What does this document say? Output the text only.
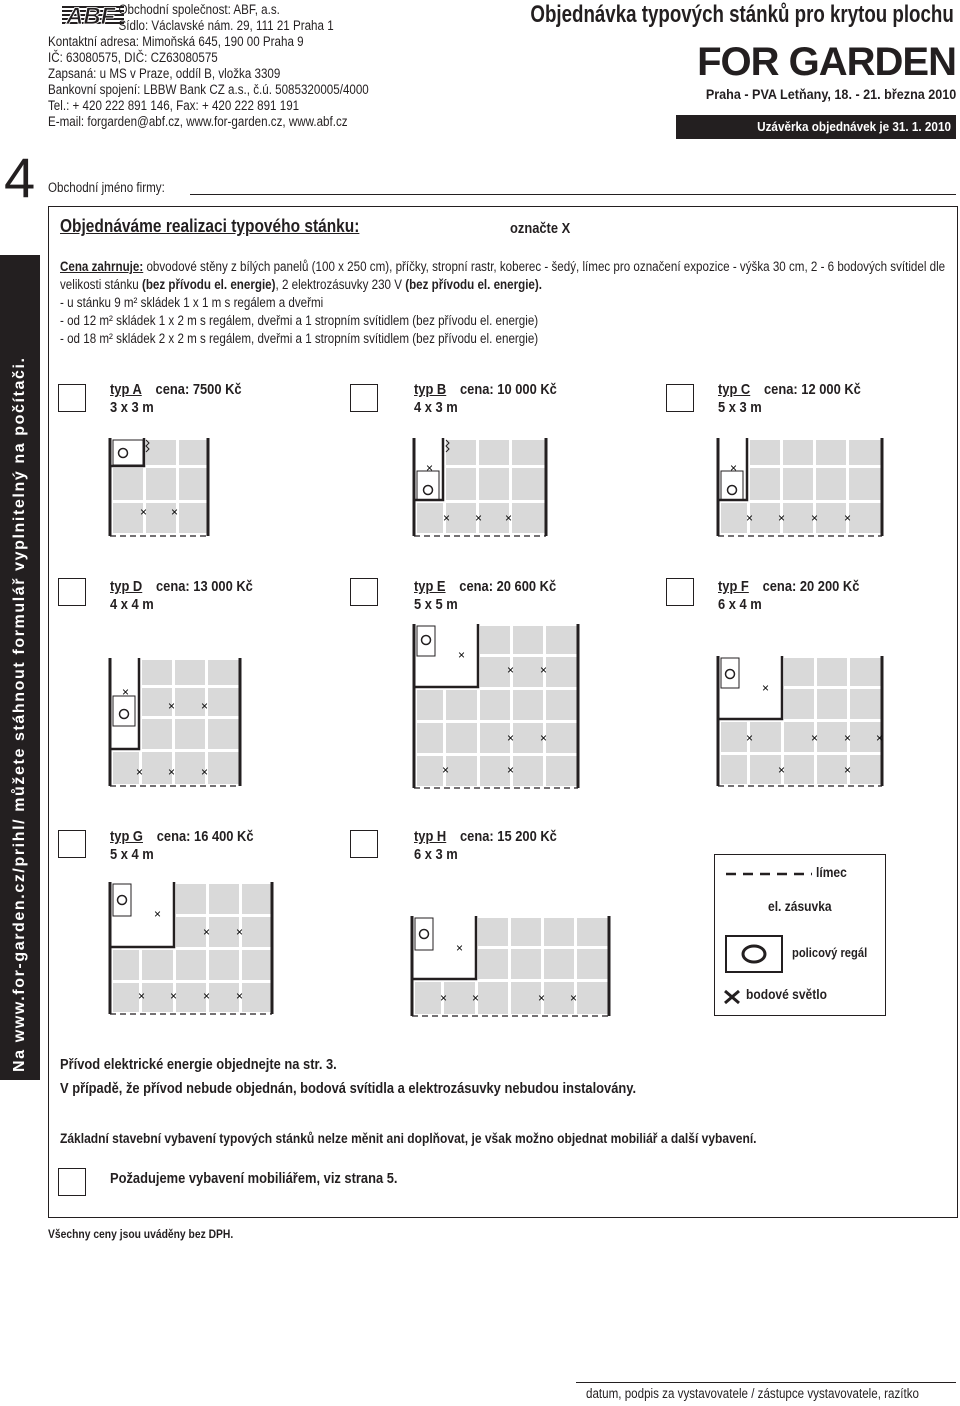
ABF Obchodní společnost: ABF, a.s.
Sídlo: Václavské nám. 29, 111 21 Praha 1
Kontaktní adresa: Mimoňská 645, 190 00 Praha 9
IČ: 63080575, DIČ: CZ63080575
Zapsaná: u MS v Praze, oddíl B, vložka 3309
Bankovní spojení: LBBW Bank CZ a.s., č.ú. 5085320005/4000
Tel.: + 420 222 891 146, Fax: + 420 222 891 191
E-mail: forgarden@abf.cz, www.for-garden.cz, www.abf.cz
Objednávka typových stánků pro krytou plochu
FOR GARDEN
Praha - PVA Letňany, 18. - 21. března 2010
Uzávěrka objednávek je 31. 1. 2010
4 Obchodní jméno firmy:
Na www.for-garden.cz/prihl/ můžete stáhnout formulář vyplnitelný na počítači.
Objednáváme realizaci typového stánku:	označte X
Cena zahrnuje: obvodové stěny z bílých panelů (100 x 250 cm), příčky, stropní rastr, koberec - šedý, límec pro označení expozice - výška 30 cm, 2 - 6 bodových svítidel dle velikosti stánku (bez přívodu el. energie), 2 elektrozásuvky 230 V (bez přívodu el. energie).
- u stánku 9 m² skládek 1 x 1 m s regálem a dveřmi
- od 12 m² skládek 1 x 2 m s regálem, dveřmi a 1 stropním svítidlem (bez přívodu el. energie)
- od 18 m² skládek 2 x 2 m s regálem, dveřmi a 1 stropním svítidlem (bez přívodu el. energie)
typ A cena: 7500 Kč
3 x 3 m
× ×
typ B cena: 10 000 Kč
4 x 3 m
×
× × ×
typ C cena: 12 000 Kč
5 x 3 m
×
× × × ×
typ D cena: 13 000 Kč
4 x 4 m
×
× ×
× × ×
typ E cena: 20 600 Kč
5 x 5 m
×
× ×
× ×
×	×
typ F cena: 20 200 Kč
6 x 4 m
×
×	× × ×
×	×
typ G cena: 16 400 Kč
5 x 4 m
×
× ×
× × × ×
typ H cena: 15 200 Kč
6 x 3 m
×
× ×	× ×
límec
el. zásuvka
policový regál
bodové světlo
Přívod elektrické energie objednejte na str. 3.
V případě, že přívod nebude objednán, bodová svítidla a elektrozásuvky nebudou instalovány.
Základní stavební vybavení typových stánků nelze měnit ani doplňovat, je však možno objednat mobiliář a další vybavení.
Požadujeme vybavení mobiliářem, viz strana 5.
Všechny ceny jsou uváděny bez DPH.
datum, podpis za vystavovatele / zástupce vystavovatele, razítko
